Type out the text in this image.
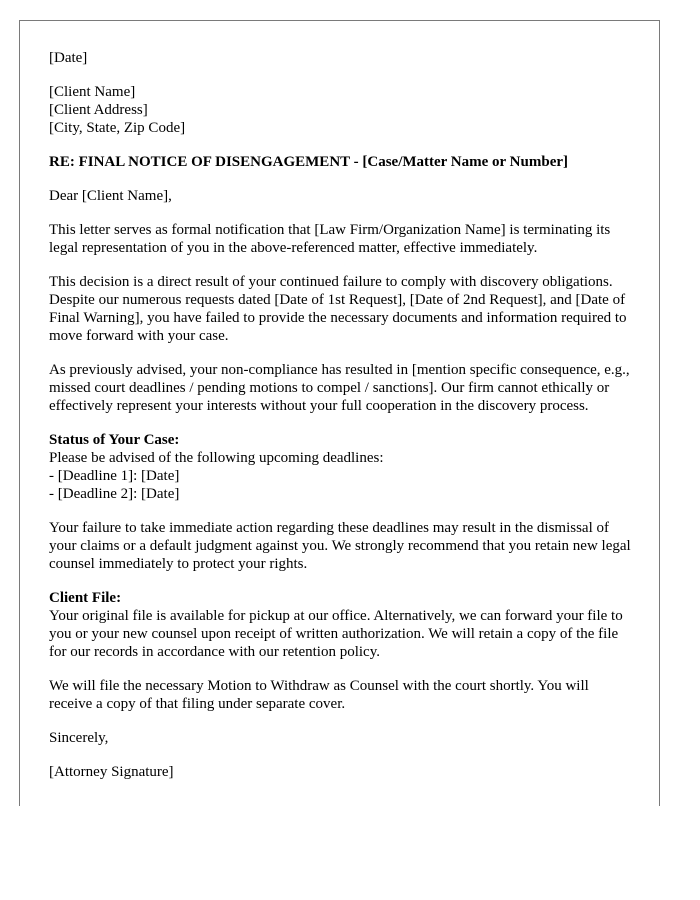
[Date]

[Client Name]
[Client Address]
[City, State, Zip Code]

RE: FINAL NOTICE OF DISENGAGEMENT - [Case/Matter Name or Number]

Dear [Client Name],

This letter serves as formal notification that [Law Firm/Organization Name] is terminating its legal representation of you in the above-referenced matter, effective immediately.

This decision is a direct result of your continued failure to comply with discovery obligations. Despite our numerous requests dated [Date of 1st Request], [Date of 2nd Request], and [Date of Final Warning], you have failed to provide the necessary documents and information required to move forward with your case.

As previously advised, your non-compliance has resulted in [mention specific consequence, e.g., missed court deadlines / pending motions to compel / sanctions]. Our firm cannot ethically or effectively represent your interests without your full cooperation in the discovery process.

Status of Your Case:
Please be advised of the following upcoming deadlines:
- [Deadline 1]: [Date]
- [Deadline 2]: [Date]

Your failure to take immediate action regarding these deadlines may result in the dismissal of your claims or a default judgment against you. We strongly recommend that you retain new legal counsel immediately to protect your rights.

Client File:
Your original file is available for pickup at our office. Alternatively, we can forward your file to you or your new counsel upon receipt of written authorization. We will retain a copy of the file for our records in accordance with our retention policy.

We will file the necessary Motion to Withdraw as Counsel with the court shortly. You will receive a copy of that filing under separate cover.

Sincerely,

[Attorney Signature]
